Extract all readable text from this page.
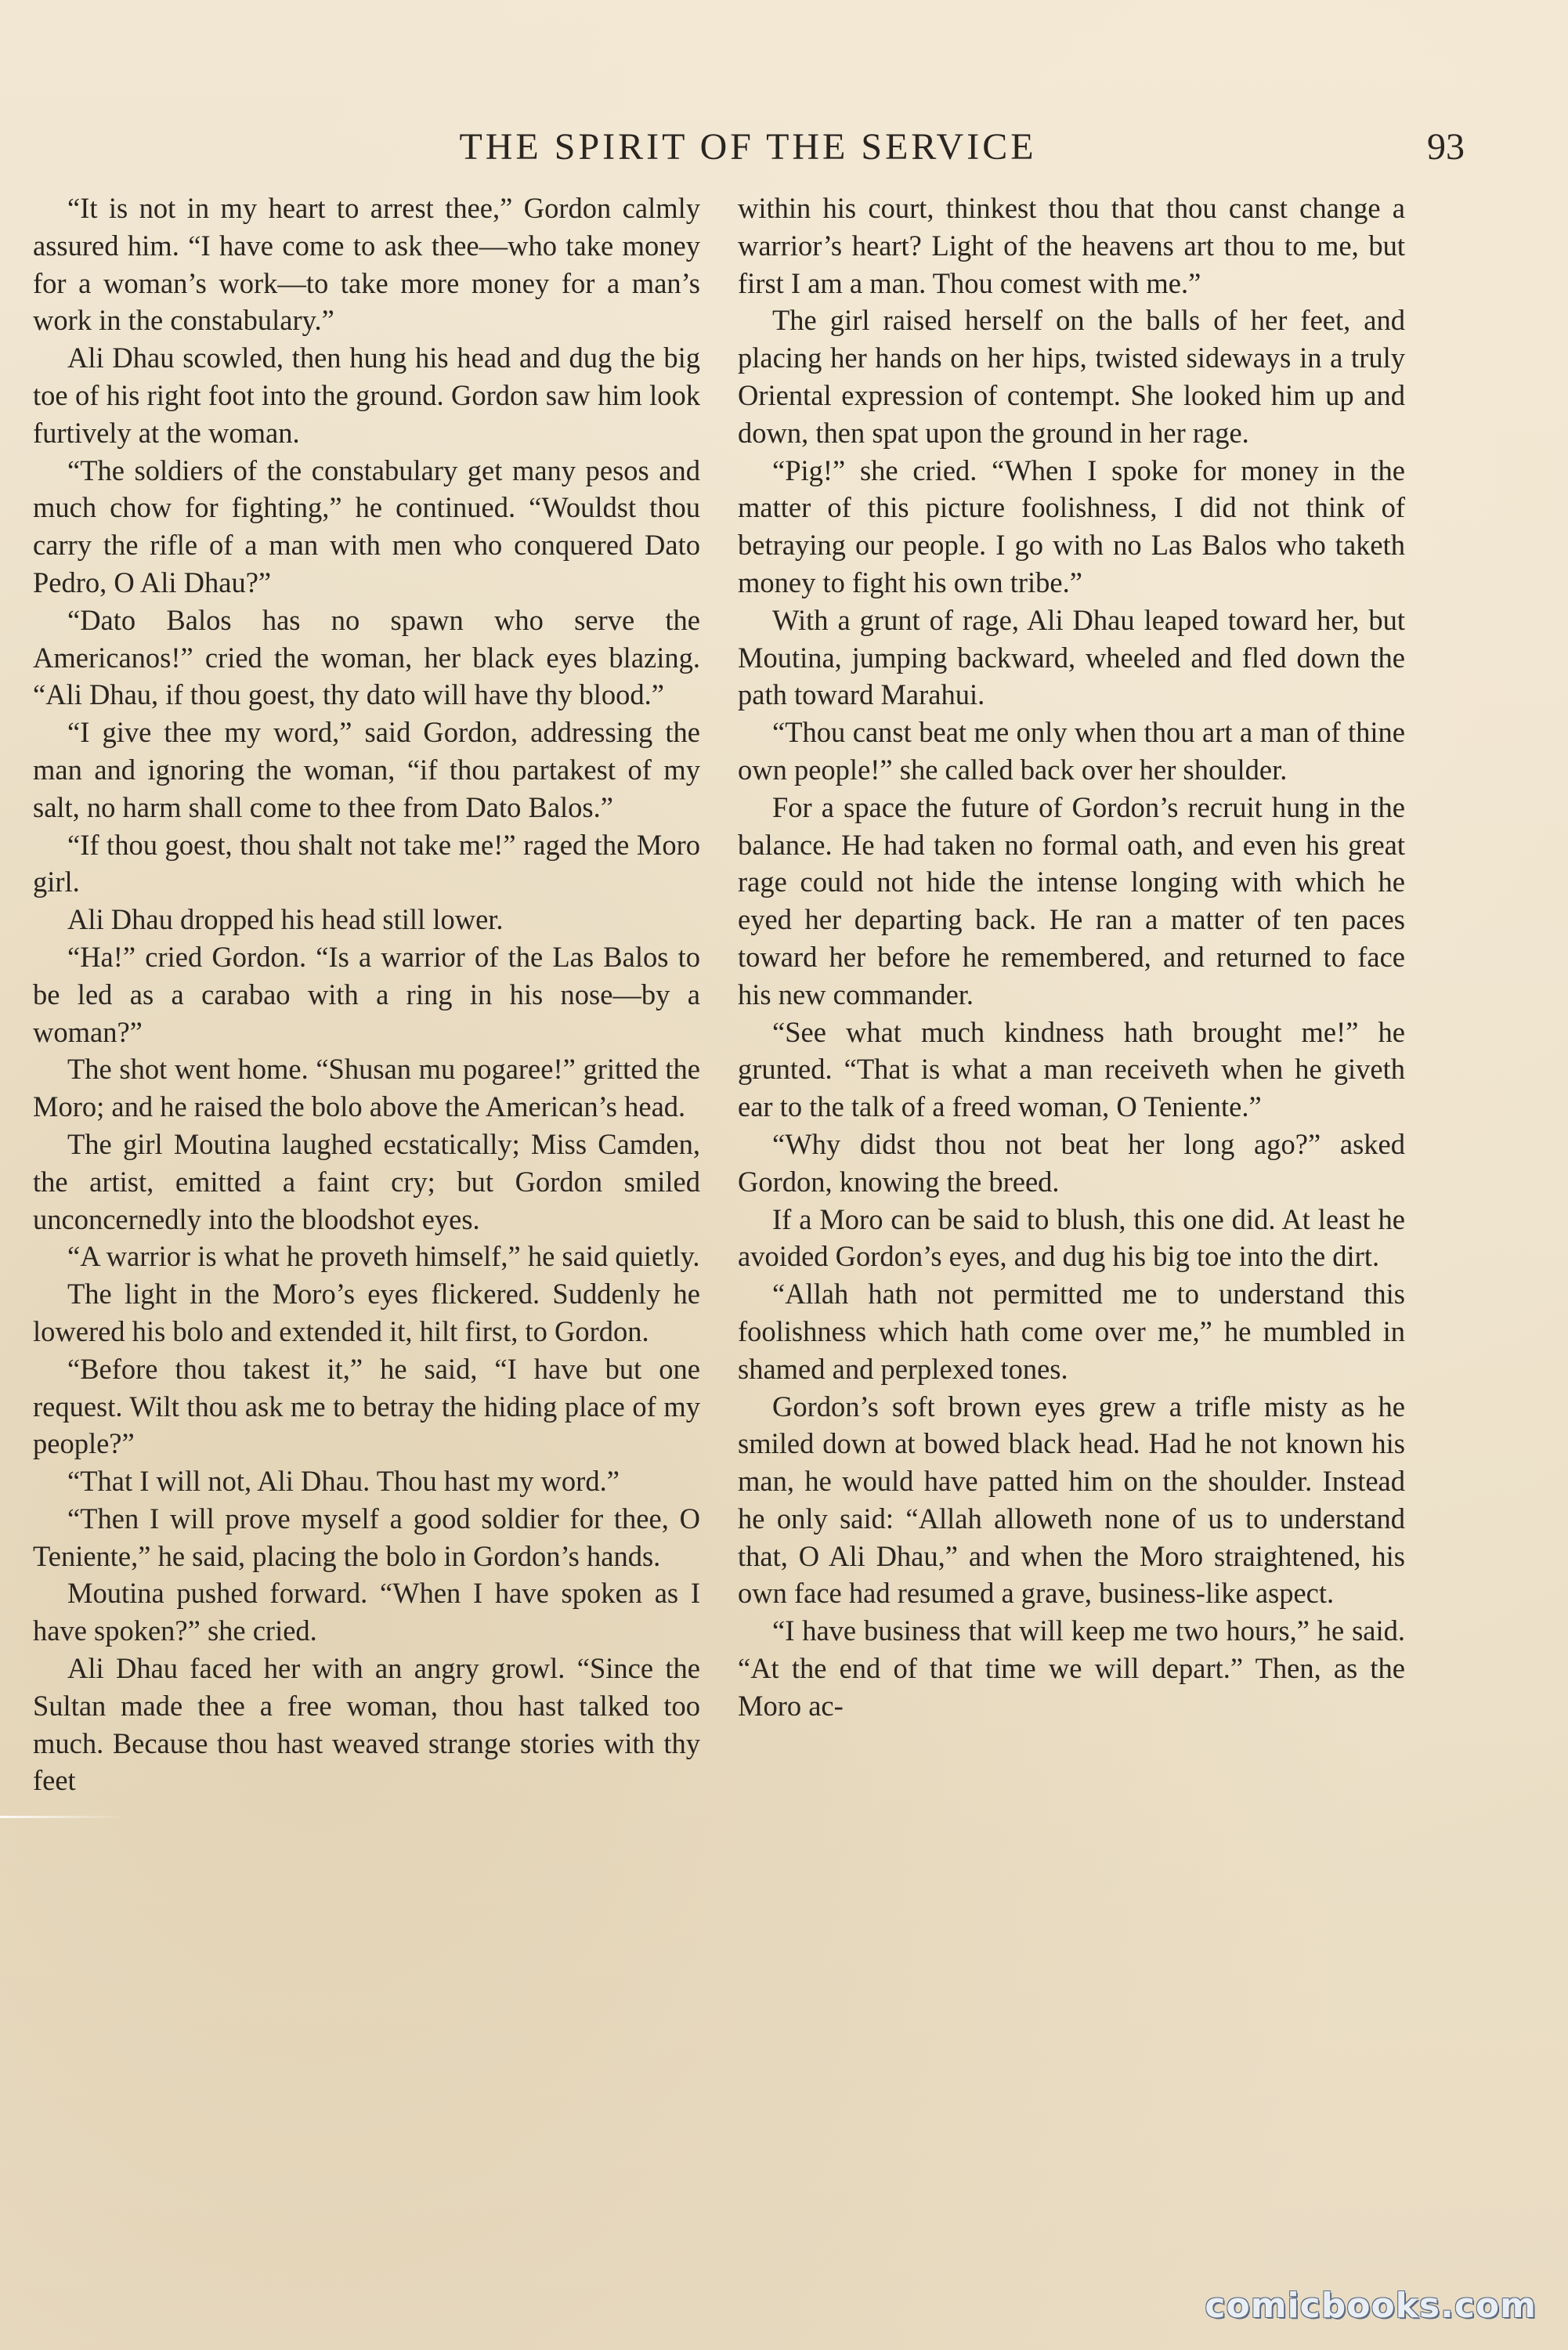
THE SPIRIT OF THE SERVICE	93

“It is not in my heart to arrest thee,” Gordon calmly assured him. “I have come to ask thee—who take money for a woman’s work—to take more money for a man’s work in the constabulary.”

Ali Dhau scowled, then hung his head and dug the big toe of his right foot into the ground. Gordon saw him look furtively at the woman.

“The soldiers of the constabulary get many pesos and much chow for fighting,” he continued. “Wouldst thou carry the rifle of a man with men who conquered Dato Pedro, O Ali Dhau?”

“Dato Balos has no spawn who serve the Americanos!” cried the woman, her black eyes blazing. “Ali Dhau, if thou goest, thy dato will have thy blood.”

“I give thee my word,” said Gordon, addressing the man and ignoring the woman, “if thou partakest of my salt, no harm shall come to thee from Dato Balos.”

“If thou goest, thou shalt not take me!” raged the Moro girl.

Ali Dhau dropped his head still lower.

“Ha!” cried Gordon. “Is a warrior of the Las Balos to be led as a carabao with a ring in his nose—by a woman?”

The shot went home. “Shusan mu pogaree!” gritted the Moro; and he raised the bolo above the American’s head.

The girl Moutina laughed ecstatically; Miss Camden, the artist, emitted a faint cry; but Gordon smiled unconcernedly into the bloodshot eyes.

“A warrior is what he proveth himself,” he said quietly.

The light in the Moro’s eyes flickered. Suddenly he lowered his bolo and extended it, hilt first, to Gordon.

“Before thou takest it,” he said, “I have but one request. Wilt thou ask me to betray the hiding place of my people?”

“That I will not, Ali Dhau. Thou hast my word.”

“Then I will prove myself a good soldier for thee, O Teniente,” he said, placing the bolo in Gordon’s hands.

Moutina pushed forward. “When I have spoken as I have spoken?” she cried.

Ali Dhau faced her with an angry growl. “Since the Sultan made thee a free woman, thou hast talked too much. Because thou hast weaved strange stories with thy feet

within his court, thinkest thou that thou canst change a warrior’s heart? Light of the heavens art thou to me, but first I am a man. Thou comest with me.”

The girl raised herself on the balls of her feet, and placing her hands on her hips, twisted sideways in a truly Oriental expression of contempt. She looked him up and down, then spat upon the ground in her rage.

“Pig!” she cried. “When I spoke for money in the matter of this picture foolishness, I did not think of betraying our people. I go with no Las Balos who taketh money to fight his own tribe.”

With a grunt of rage, Ali Dhau leaped toward her, but Moutina, jumping backward, wheeled and fled down the path toward Marahui.

“Thou canst beat me only when thou art a man of thine own people!” she called back over her shoulder.

For a space the future of Gordon’s recruit hung in the balance. He had taken no formal oath, and even his great rage could not hide the intense longing with which he eyed her departing back. He ran a matter of ten paces toward her before he remembered, and returned to face his new commander.

“See what much kindness hath brought me!” he grunted. “That is what a man receiveth when he giveth ear to the talk of a freed woman, O Teniente.”

“Why didst thou not beat her long ago?” asked Gordon, knowing the breed.

If a Moro can be said to blush, this one did. At least he avoided Gordon’s eyes, and dug his big toe into the dirt.

“Allah hath not permitted me to understand this foolishness which hath come over me,” he mumbled in shamed and perplexed tones.

Gordon’s soft brown eyes grew a trifle misty as he smiled down at bowed black head. Had he not known his man, he would have patted him on the shoulder. Instead he only said: “Allah alloweth none of us to understand that, O Ali Dhau,” and when the Moro straightened, his own face had resumed a grave, business-like aspect.

“I have business that will keep me two hours,” he said. “At the end of that time we will depart.” Then, as the Moro ac-

comicbooks.com
